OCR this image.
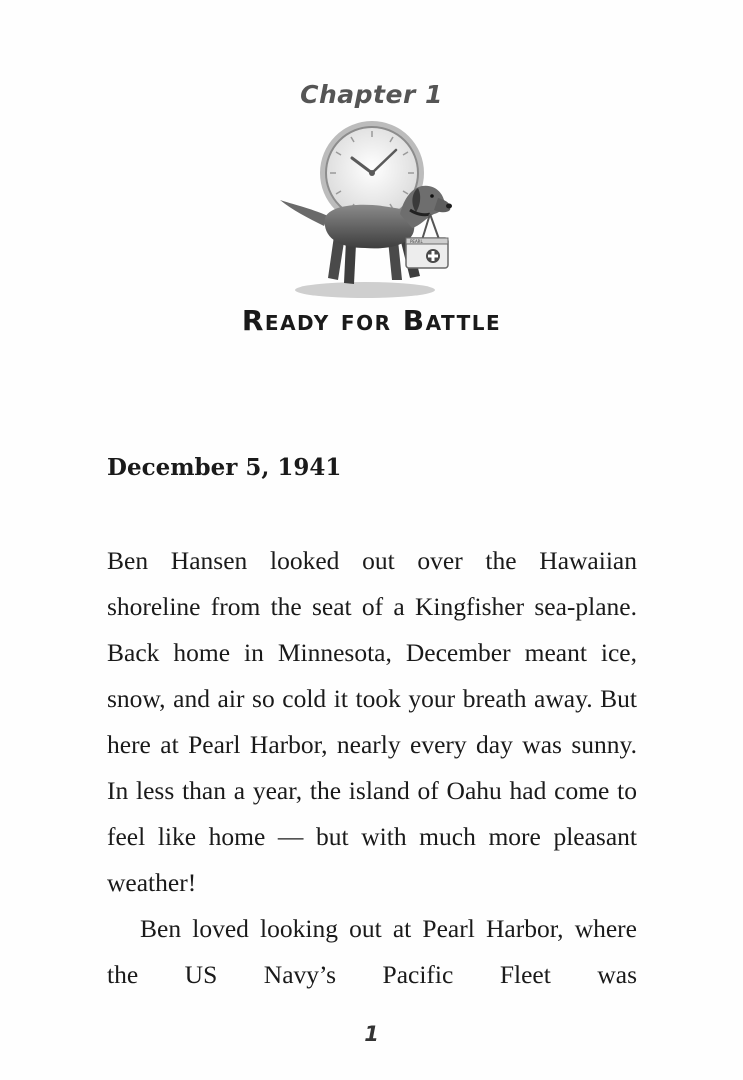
Chapter 1
PEARL
Ready for Battle
December 5, 1941

Ben Hansen looked out over the Hawaiian shoreline from the seat of a Kingfisher sea-plane. Back home in Minnesota, December meant ice, snow, and air so cold it took your breath away. But here at Pearl Harbor, nearly every day was sunny. In less than a year, the island of Oahu had come to feel like home — but with much more pleasant weather!

Ben loved looking out at Pearl Harbor, where the US Navy’s Pacific Fleet was

1
